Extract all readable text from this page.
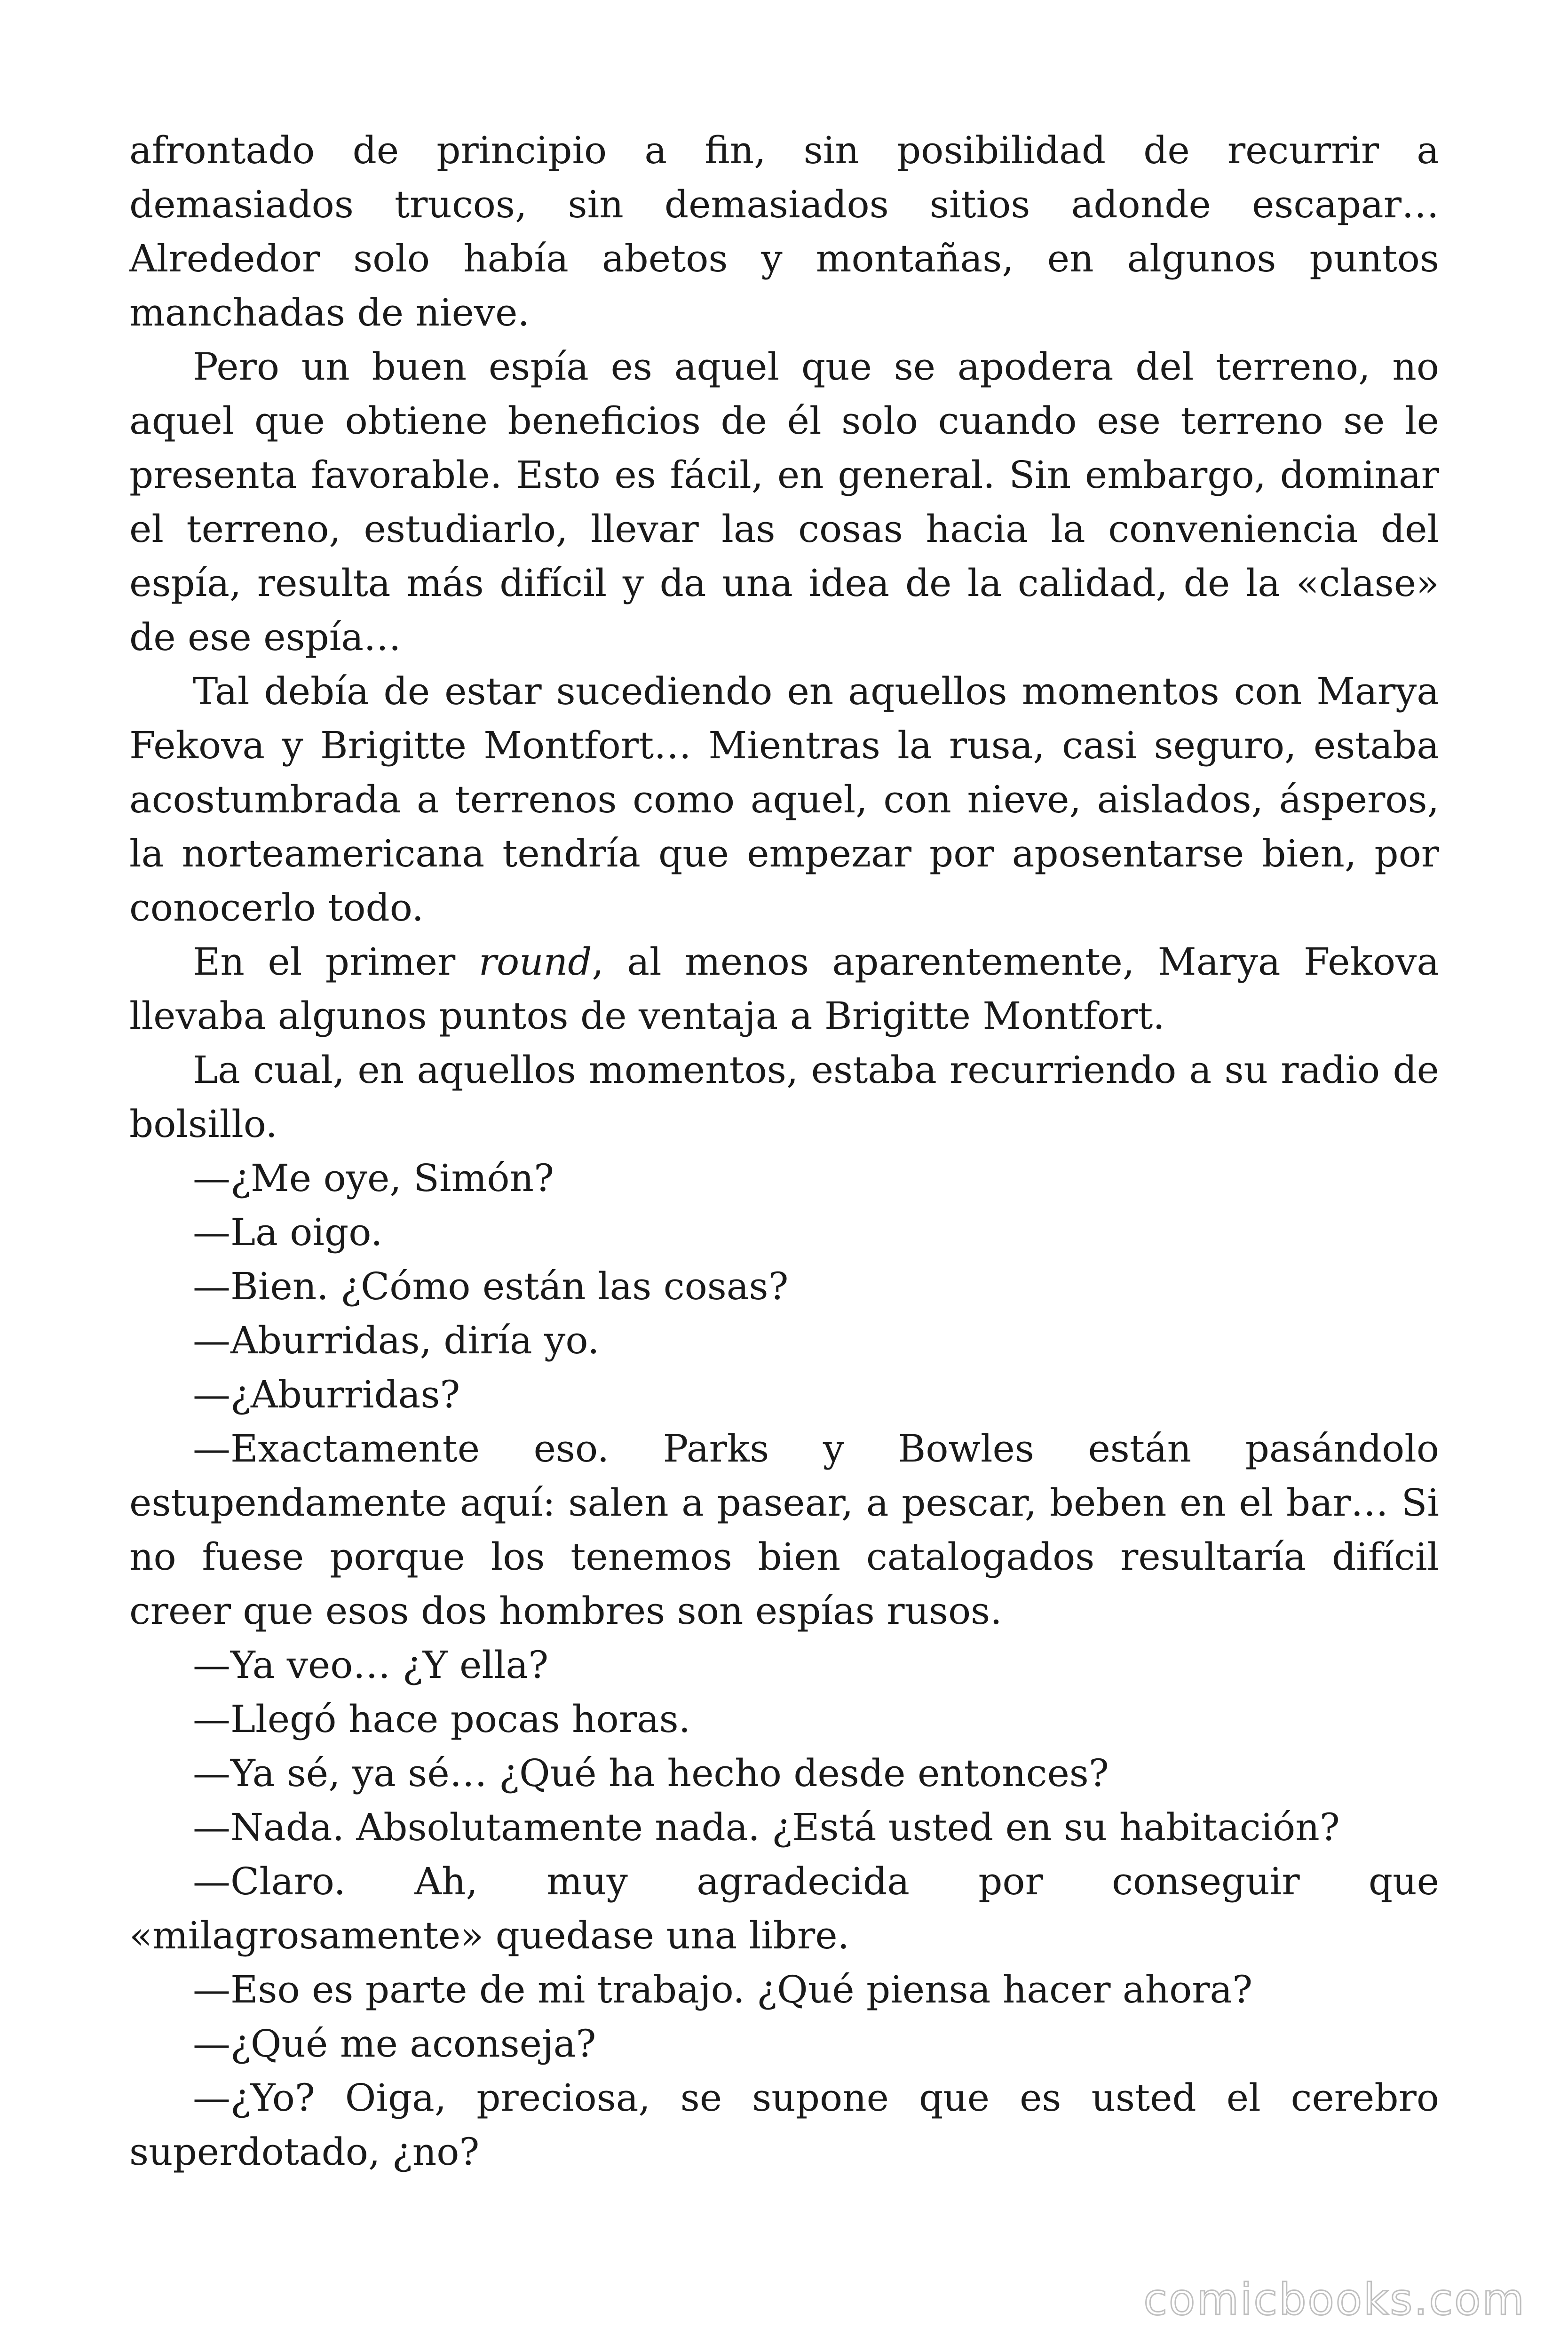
afrontado de principio a fin, sin posibilidad de recurrir a demasiados trucos, sin demasiados sitios adonde escapar… Alrededor solo había abetos y montañas, en algunos puntos manchadas de nieve.

Pero un buen espía es aquel que se apodera del terreno, no aquel que obtiene beneficios de él solo cuando ese terreno se le presenta favorable. Esto es fácil, en general. Sin embargo, dominar el terreno, estudiarlo, llevar las cosas hacia la conveniencia del espía, resulta más difícil y da una idea de la calidad, de la «clase» de ese espía…

Tal debía de estar sucediendo en aquellos momentos con Marya Fekova y Brigitte Montfort… Mientras la rusa, casi seguro, estaba acostumbrada a terrenos como aquel, con nieve, aislados, ásperos, la norteamericana tendría que empezar por aposentarse bien, por conocerlo todo.

En el primer round, al menos aparentemente, Marya Fekova llevaba algunos puntos de ventaja a Brigitte Montfort.

La cual, en aquellos momentos, estaba recurriendo a su radio de bolsillo.

—¿Me oye, Simón?

—La oigo.

—Bien. ¿Cómo están las cosas?

—Aburridas, diría yo.

—¿Aburridas?

—Exactamente eso. Parks y Bowles están pasándolo estupendamente aquí: salen a pasear, a pescar, beben en el bar… Si no fuese porque los tenemos bien catalogados resultaría difícil creer que esos dos hombres son espías rusos.

—Ya veo… ¿Y ella?

—Llegó hace pocas horas.

—Ya sé, ya sé… ¿Qué ha hecho desde entonces?

—Nada. Absolutamente nada. ¿Está usted en su habitación?

—Claro. Ah, muy agradecida por conseguir que «milagrosamente» quedase una libre.

—Eso es parte de mi trabajo. ¿Qué piensa hacer ahora?

—¿Qué me aconseja?

—¿Yo? Oiga, preciosa, se supone que es usted el cerebro superdotado, ¿no?

comicbooks.com
